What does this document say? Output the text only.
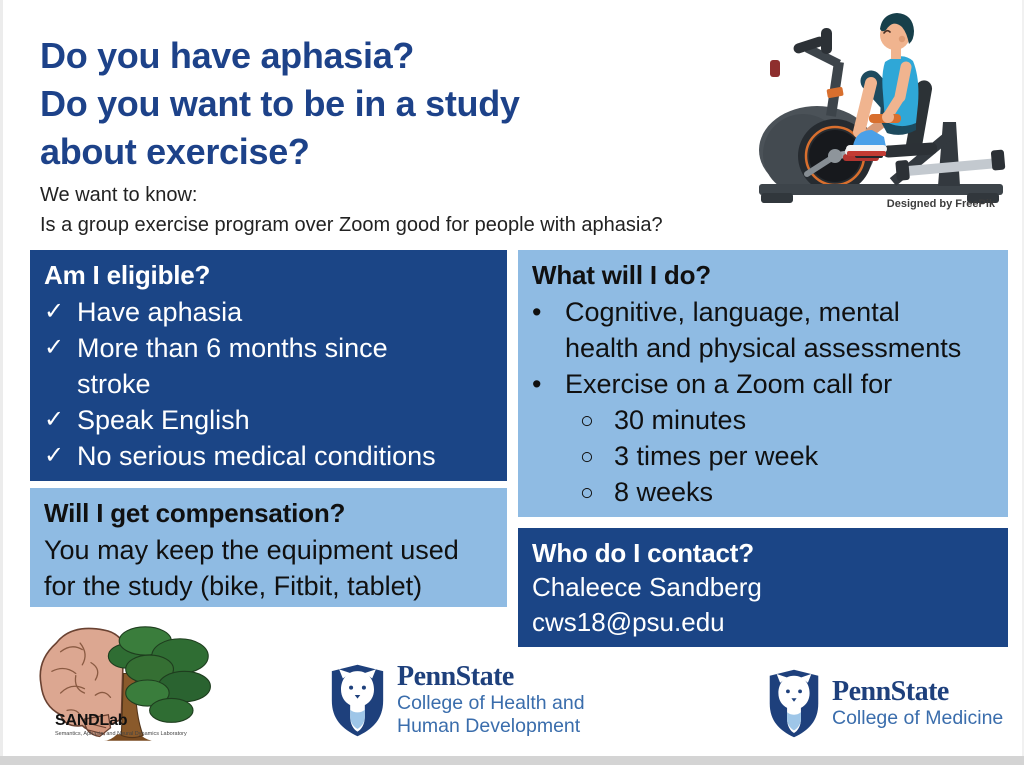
Do you have aphasia?
Do you want to be in a study
about exercise?
We want to know:
Is a group exercise program over Zoom good for people with aphasia?
Designed by FreePik
Am I eligible?
✓ Have aphasia
✓ More than 6 months since
stroke
✓ Speak English
✓ No serious medical conditions
What will I do?
• Cognitive, language, mental
health and physical assessments
• Exercise on a Zoom call for
○ 30 minutes
○ 3 times per week
○ 8 weeks
Will I get compensation?

You may keep the equipment used
for the study (bike, Fitbit, tablet)

Who do I contact?

Chaleece Sandberg

cws18@psu.edu

SANDLab
Semantics, Aphasia, and Neural Dynamics Laboratory
PennState
College of Health and
Human Development
PennState
College of Medicine
